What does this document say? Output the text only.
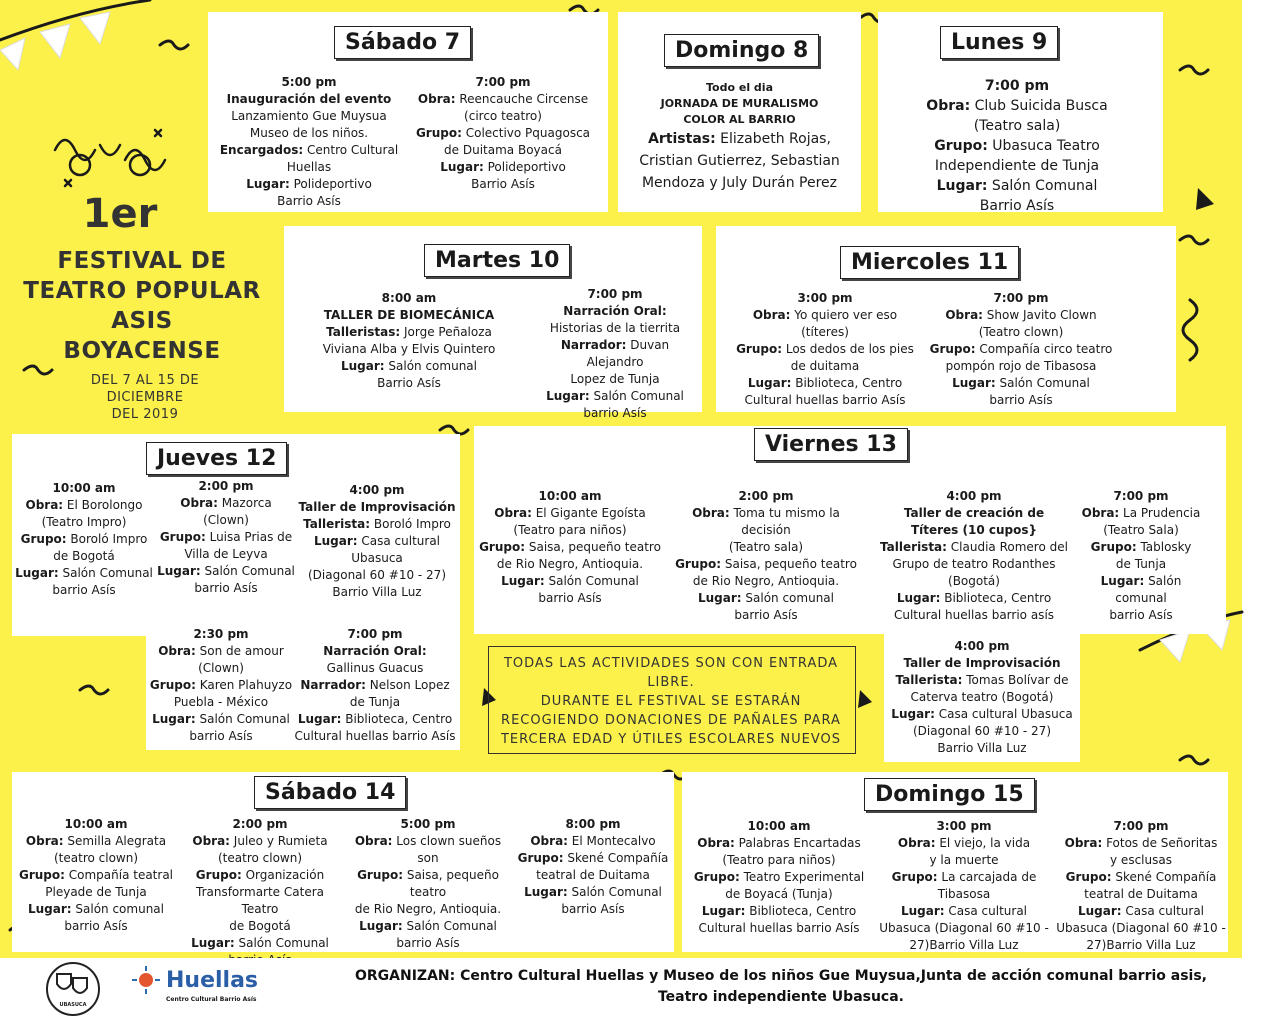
1er
FESTIVAL DE
TEATRO POPULAR
ASIS
BOYACENSE
DEL 7 AL 15 DE
DICIEMBRE
DEL 2019
Sábado 7
5:00 pm
Inauguración del evento
Lanzamiento Gue Muysua
Museo de los niños.
Encargados: Centro Cultural
Huellas
Lugar: Polideportivo
Barrio Asís
7:00 pm
Obra: Reencauche Circense
(circo teatro)
Grupo: Colectivo Pquagosca
de Duitama Boyacá
Lugar: Polideportivo
Barrio Asís
Domingo 8
Todo el dia
JORNADA DE MURALISMO
COLOR AL BARRIO
Artistas: Elizabeth Rojas,
Cristian Gutierrez, Sebastian
Mendoza y July Durán Perez
Lunes 9
7:00 pm
Obra: Club Suicida Busca
(Teatro sala)
Grupo: Ubasuca Teatro
Independiente de Tunja
Lugar: Salón Comunal
Barrio Asís
Martes 10
8:00 am
TALLER DE BIOMECÁNICA
Talleristas: Jorge Peñaloza
Viviana Alba y Elvis Quintero
Lugar: Salón comunal
Barrio Asís
7:00 pm
Narración Oral:
Historias de la tierrita
Narrador: Duvan Alejandro
Lopez de Tunja
Lugar: Salón Comunal
barrio Asís
Miercoles 11
3:00 pm
Obra: Yo quiero ver eso
(títeres)
Grupo: Los dedos de los pies
de duitama
Lugar: Biblioteca, Centro
Cultural huellas barrio Asís
7:00 pm
Obra: Show Javito Clown
(Teatro clown)
Grupo: Compañía circo teatro
pompón rojo de Tibasosa
Lugar: Salón Comunal
barrio Asís
Jueves 12
10:00 am
Obra: El Borolongo
(Teatro Impro)
Grupo: Boroló Impro
de Bogotá
Lugar: Salón Comunal
barrio Asís
2:00 pm
Obra: Mazorca
(Clown)
Grupo: Luisa Prias de
Villa de Leyva
Lugar: Salón Comunal
barrio Asís
4:00 pm
Taller de Improvisación
Tallerista: Boroló Impro
Lugar: Casa cultural
Ubasuca
(Diagonal 60 #10 - 27)
Barrio Villa Luz
2:30 pm
Obra: Son de amour
(Clown)
Grupo: Karen Plahuyzo
Puebla - México
Lugar: Salón Comunal
barrio Asís
7:00 pm
Narración Oral:
Gallinus Guacus
Narrador: Nelson Lopez
de Tunja
Lugar: Biblioteca, Centro
Cultural huellas barrio Asís
Viernes 13
10:00 am
Obra: El Gigante Egoísta
(Teatro para niños)
Grupo: Saisa, pequeño teatro
de Rio Negro, Antioquia.
Lugar: Salón Comunal
barrio Asís
2:00 pm
Obra: Toma tu mismo la decisión
(Teatro sala)
Grupo: Saisa, pequeño teatro
de Rio Negro, Antioquia.
Lugar: Salón comunal
barrio Asís
4:00 pm
Taller de creación de
Títeres (10 cupos}
Tallerista: Claudia Romero del
Grupo de teatro Rodanthes
(Bogotá)
Lugar: Biblioteca, Centro
Cultural huellas barrio asís
7:00 pm
Obra: La Prudencia
(Teatro Sala)
Grupo: Tablosky
de Tunja
Lugar: Salón comunal
barrio Asís
4:00 pm
Taller de Improvisación
Tallerista: Tomas Bolívar de
Caterva teatro (Bogotá)
Lugar: Casa cultural Ubasuca
(Diagonal 60 #10 - 27)
Barrio Villa Luz
TODAS LAS ACTIVIDADES SON CON ENTRADA
LIBRE.
DURANTE EL FESTIVAL SE ESTARÁN
RECOGIENDO DONACIONES DE PAÑALES PARA
TERCERA EDAD Y ÚTILES ESCOLARES NUEVOS
Sábado 14
10:00 am
Obra: Semilla Alegrata
(teatro clown)
Grupo: Compañía teatral
Pleyade de Tunja
Lugar: Salón comunal
barrio Asís
2:00 pm
Obra: Juleo y Rumieta
(teatro clown)
Grupo: Organización
Transformarte Catera Teatro
de Bogotá
Lugar: Salón Comunal
5:00 pm
Obra: Los clown sueños son
Grupo: Saisa, pequeño teatro
de Rio Negro, Antioquia.
Lugar: Salón Comunal
barrio Asís
8:00 pm
Obra: El Montecalvo
Grupo: Skené Compañía
teatral de Duitama
Lugar: Salón Comunal
barrio Asís
Domingo 15
10:00 am
Obra: Palabras Encartadas
(Teatro para niños)
Grupo: Teatro Experimental
de Boyacá (Tunja)
Lugar: Biblioteca, Centro
Cultural huellas barrio Asís
3:00 pm
Obra: El viejo, la vida
y la muerte
Grupo: La carcajada de Tibasosa
Lugar: Casa cultural
Ubasuca (Diagonal 60 #10 -
27)Barrio Villa Luz
7:00 pm
Obra: Fotos de Señoritas
y esclusas
Grupo: Skené Compañía
teatral de Duitama
Lugar: Casa cultural
Ubasuca (Diagonal 60 #10 -
27)Barrio Villa Luz
UBASUCA
Huellas
Centro Cultural Barrio Asís
ORGANIZAN: Centro Cultural Huellas y Museo de los niños Gue Muysua,Junta de acción comunal barrio asis,
Teatro independiente Ubasuca.
